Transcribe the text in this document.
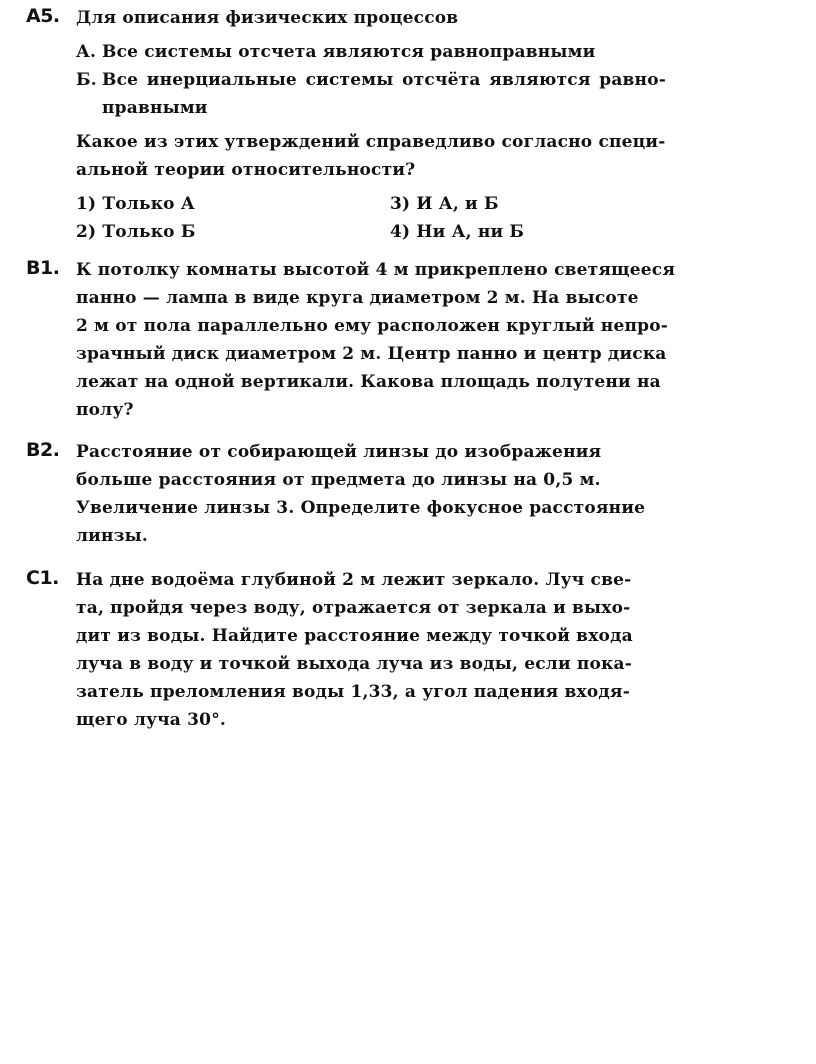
А5. Для описания физических процессов
А. Все системы отсчета являются равноправными
Б. Все инерциальные системы отсчёта являются равно-
правными
Какое из этих утверждений справедливо согласно специ-
альной теории относительности?
1) Только А	3) И А, и Б
2) Только Б	4) Ни А, ни Б
В1. К потолку комнаты высотой 4 м прикреплено светящееся
панно — лампа в виде круга диаметром 2 м. На высоте
2 м от пола параллельно ему расположен круглый непро-
зрачный диск диаметром 2 м. Центр панно и центр диска
лежат на одной вертикали. Какова площадь полутени на
полу?
В2. Расстояние от собирающей линзы до изображения
больше расстояния от предмета до линзы на 0,5 м.
Увеличение линзы 3. Определите фокусное расстояние
линзы.
С1. На дне водоёма глубиной 2 м лежит зеркало. Луч све-
та, пройдя через воду, отражается от зеркала и выхо-
дит из воды. Найдите расстояние между точкой входа
луча в воду и точкой выхода луча из воды, если пока-
затель преломления воды 1,33, а угол падения входя-
щего луча 30°.
